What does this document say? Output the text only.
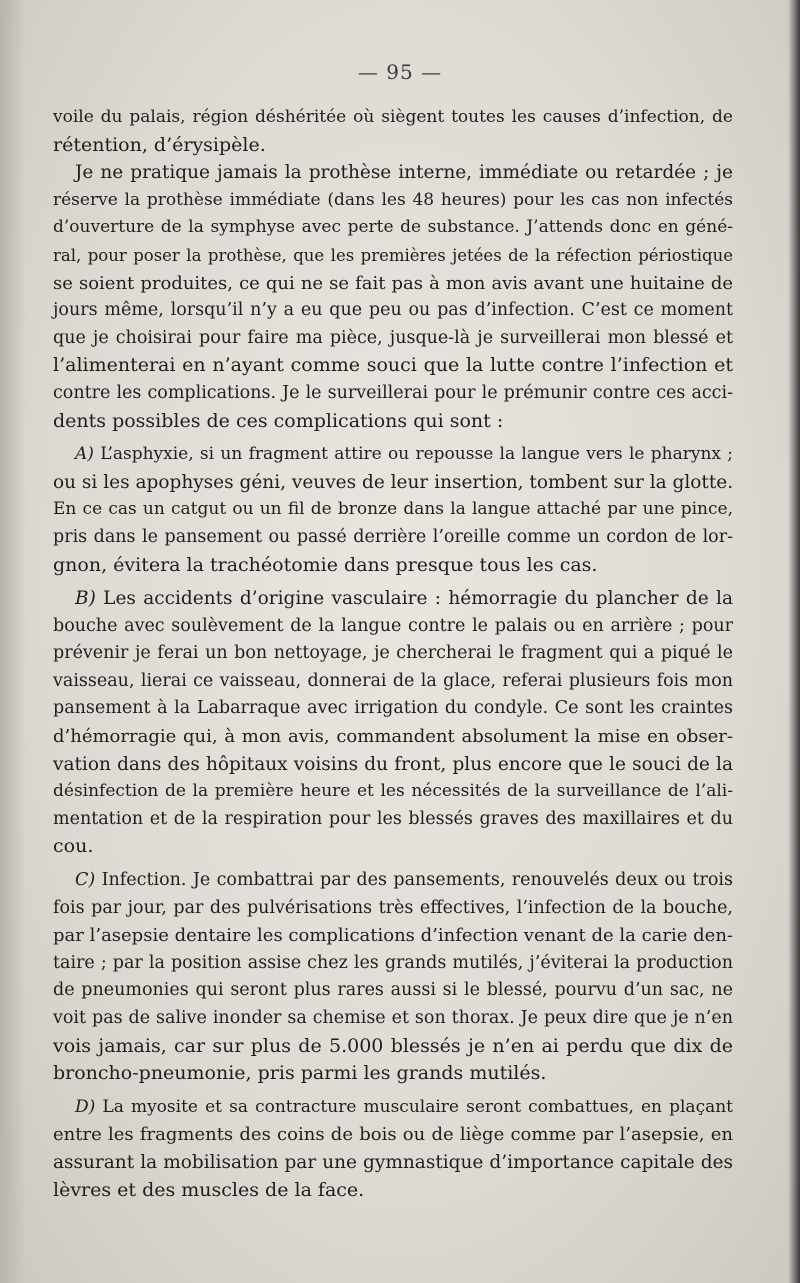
— 95 —
voile du palais, région déshéritée où siègent toutes les causes d’infection, de
rétention, d’érysipèle.
Je ne pratique jamais la prothèse interne, immédiate ou retardée ; je
réserve la prothèse immédiate (dans les 48 heures) pour les cas non infectés
d’ouverture de la symphyse avec perte de substance. J’attends donc en géné-
ral, pour poser la prothèse, que les premières jetées de la réfection périostique
se soient produites, ce qui ne se fait pas à mon avis avant une huitaine de
jours même, lorsqu’il n’y a eu que peu ou pas d’infection. C’est ce moment
que je choisirai pour faire ma pièce, jusque-là je surveillerai mon blessé et
l’alimenterai en n’ayant comme souci que la lutte contre l’infection et
contre les complications. Je le surveillerai pour le prémunir contre ces acci-
dents possibles de ces complications qui sont :
A) L’asphyxie, si un fragment attire ou repousse la langue vers le pharynx ;
ou si les apophyses géni, veuves de leur insertion, tombent sur la glotte.
En ce cas un catgut ou un fil de bronze dans la langue attaché par une pince,
pris dans le pansement ou passé derrière l’oreille comme un cordon de lor-
gnon, évitera la trachéotomie dans presque tous les cas.
B) Les accidents d’origine vasculaire : hémorragie du plancher de la
bouche avec soulèvement de la langue contre le palais ou en arrière ; pour
prévenir je ferai un bon nettoyage, je chercherai le fragment qui a piqué le
vaisseau, lierai ce vaisseau, donnerai de la glace, referai plusieurs fois mon
pansement à la Labarraque avec irrigation du condyle. Ce sont les craintes
d’hémorragie qui, à mon avis, commandent absolument la mise en obser-
vation dans des hôpitaux voisins du front, plus encore que le souci de la
désinfection de la première heure et les nécessités de la surveillance de l’ali-
mentation et de la respiration pour les blessés graves des maxillaires et du
cou.
C) Infection. Je combattrai par des pansements, renouvelés deux ou trois
fois par jour, par des pulvérisations très effectives, l’infection de la bouche,
par l’asepsie dentaire les complications d’infection venant de la carie den-
taire ; par la position assise chez les grands mutilés, j’éviterai la production
de pneumonies qui seront plus rares aussi si le blessé, pourvu d’un sac, ne
voit pas de salive inonder sa chemise et son thorax. Je peux dire que je n’en
vois jamais, car sur plus de 5.000 blessés je n’en ai perdu que dix de
broncho-pneumonie, pris parmi les grands mutilés.
D) La myosite et sa contracture musculaire seront combattues, en plaçant
entre les fragments des coins de bois ou de liège comme par l’asepsie, en
assurant la mobilisation par une gymnastique d’importance capitale des
lèvres et des muscles de la face.
